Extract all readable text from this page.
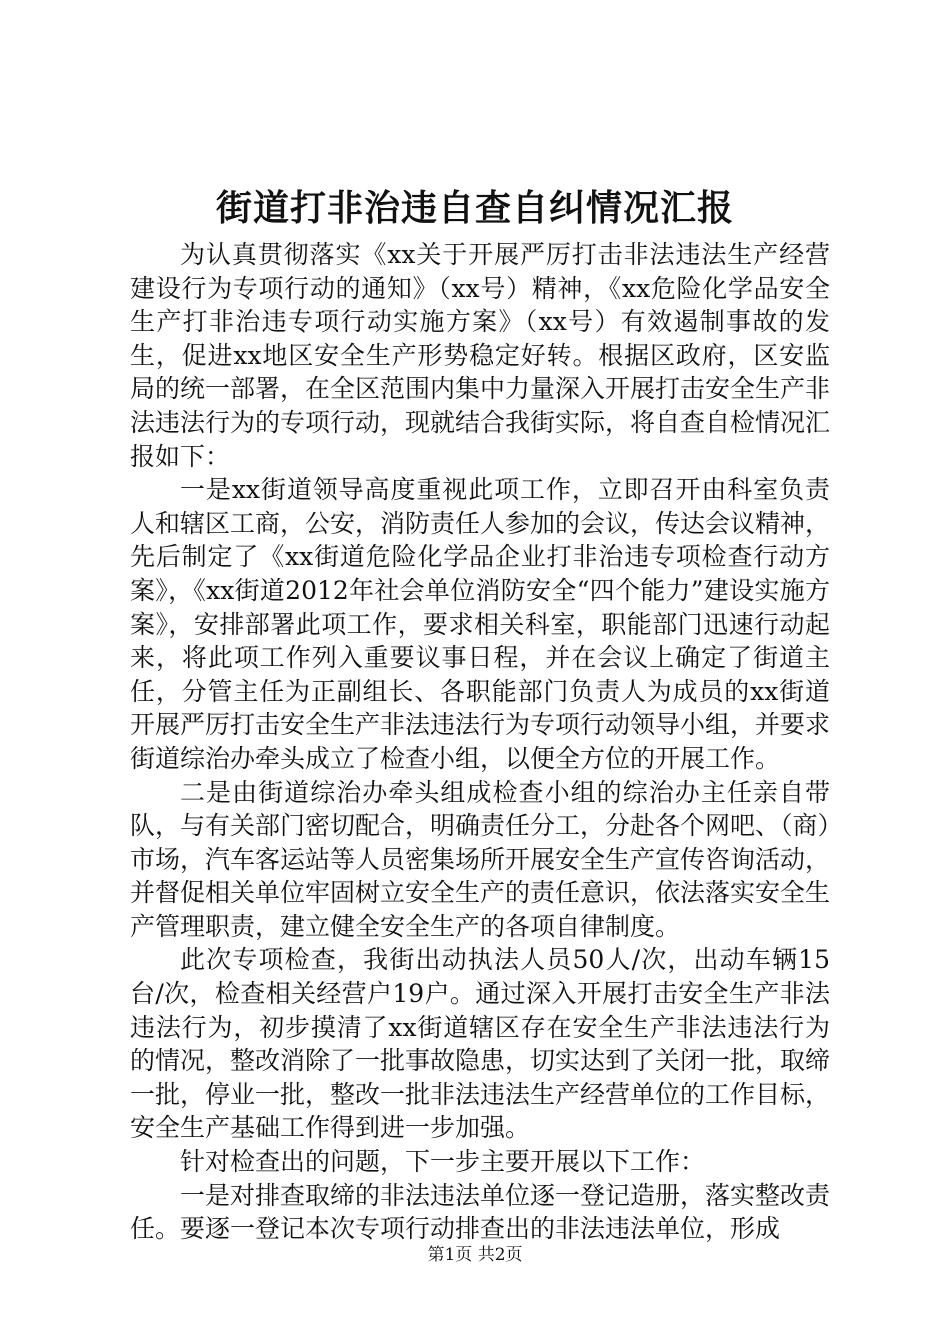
街道打非治违自查自纠情况汇报

为认真贯彻落实《xx关于开展严厉打击非法违法生产经营建设行为专项行动的通知》（xx号）精神，《xx危险化学品安全生产打非治违专项行动实施方案》（xx号）有效遏制事故的发生，促进xx地区安全生产形势稳定好转。根据区政府，区安监局的统一部署，在全区范围内集中力量深入开展打击安全生产非法违法行为的专项行动，现就结合我街实际，将自查自检情况汇报如下：

一是xx街道领导高度重视此项工作，立即召开由科室负责人和辖区工商，公安，消防责任人参加的会议，传达会议精神，先后制定了《xx街道危险化学品企业打非治违专项检查行动方案》，《xx街道2012年社会单位消防安全“四个能力”建设实施方案》，安排部署此项工作，要求相关科室，职能部门迅速行动起来，将此项工作列入重要议事日程，并在会议上确定了街道主任，分管主任为正副组长、各职能部门负责人为成员的xx街道开展严厉打击安全生产非法违法行为专项行动领导小组，并要求街道综治办牵头成立了检查小组，以便全方位的开展工作。

二是由街道综治办牵头组成检查小组的综治办主任亲自带队，与有关部门密切配合，明确责任分工，分赴各个网吧、（商）市场，汽车客运站等人员密集场所开展安全生产宣传咨询活动，并督促相关单位牢固树立安全生产的责任意识，依法落实安全生产管理职责，建立健全安全生产的各项自律制度。

此次专项检查，我街出动执法人员50人/次，出动车辆15台/次，检查相关经营户19户。通过深入开展打击安全生产非法违法行为，初步摸清了xx街道辖区存在安全生产非法违法行为的情况，整改消除了一批事故隐患，切实达到了关闭一批，取缔一批，停业一批，整改一批非法违法生产经营单位的工作目标，安全生产基础工作得到进一步加强。

针对检查出的问题，下一步主要开展以下工作：

一是对排查取缔的非法违法单位逐一登记造册，落实整改责任。要逐一登记本次专项行动排查出的非法违法单位，形成

第1页 共2页
